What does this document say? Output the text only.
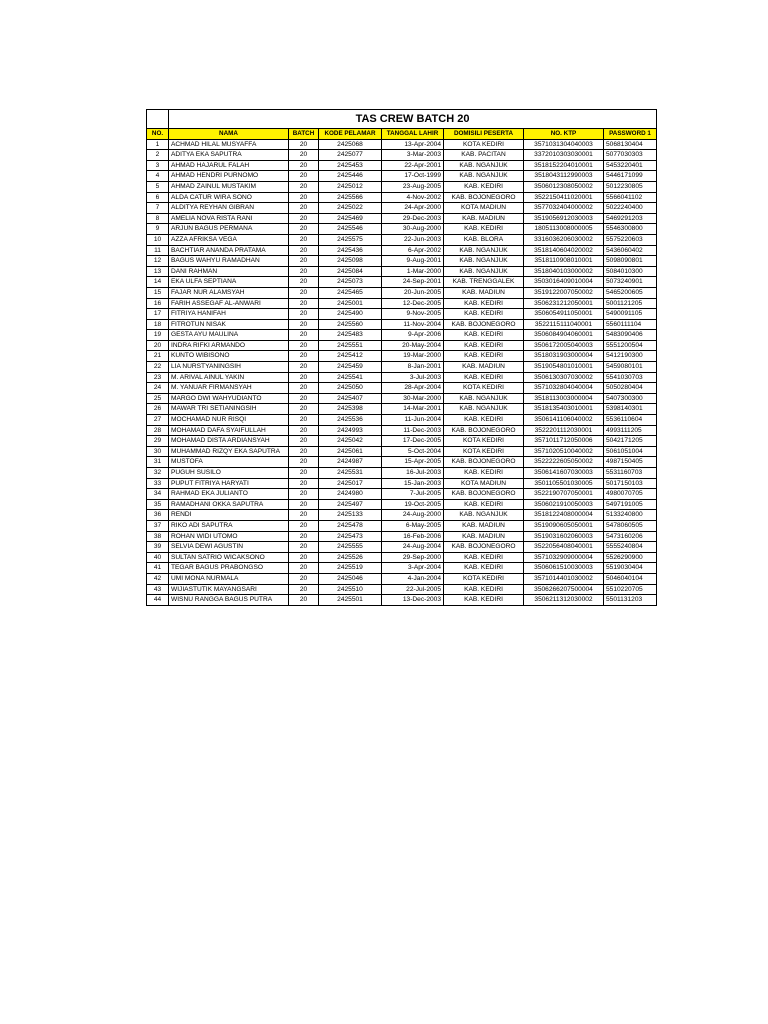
	TAS CREW BATCH 20						
NO.	NAMA	BATCH	KODE PELAMAR	TANGGAL LAHIR	DOMISILI PESERTA	NO. KTP	PASSWORD 1
1	ACHMAD HILAL MUSYAFFA	20	2425068	13-Apr-2004	KOTA KEDIRI	3571031304040003	5068130404
2	ADITYA EKA SAPUTRA	20	2425077	3-Mar-2003	KAB. PACITAN	3372010303030001	5077030303
3	AHMAD HAJARUL FALAH	20	2425453	22-Apr-2001	KAB. NGANJUK	3518152204010001	5453220401
4	AHMAD HENDRI PURNOMO	20	2425446	17-Oct-1999	KAB. NGANJUK	3518043112990003	5446171099
5	AHMAD ZAINUL MUSTAKIM	20	2425012	23-Aug-2005	KAB. KEDIRI	3506012308050002	5012230805
6	ALDA CATUR WIRA SONO	20	2425566	4-Nov-2002	KAB. BOJONEGORO	3522150411020001	5566041102
7	ALDITYA REYHAN GIBRAN	20	2425022	24-Apr-2000	KOTA MADIUN	3577032404000002	5022240400
8	AMELIA NOVA RISTA RANI	20	2425469	29-Dec-2003	KAB. MADIUN	3519056912030003	5469291203
9	ARJUN BAGUS PERMANA	20	2425546	30-Aug-2000	KAB. KEDIRI	1805113008000005	5546300800
10	AZZA AFRIKSA VEGA	20	2425575	22-Jun-2003	KAB. BLORA	3316036206030002	5575220603
11	BACHTIAR ANANDA PRATAMA	20	2425436	6-Apr-2002	KAB. NGANJUK	3518140604020002	5436060402
12	BAGUS WAHYU RAMADHAN	20	2425098	9-Aug-2001	KAB. NGANJUK	3518110908010001	5098090801
13	DANI RAHMAN	20	2425084	1-Mar-2000	KAB. NGANJUK	3518040103000002	5084010300
14	EKA ULFA SEPTIANA	20	2425073	24-Sep-2001	KAB. TRENGGALEK	3503016409010004	5073240901
15	FAJAR NUR ALAMSYAH	20	2425465	20-Jun-2005	KAB. MADIUN	3519122007050002	5465200605
16	FARIH ASSEGAF AL-ANWARI	20	2425001	12-Dec-2005	KAB. KEDIRI	3506231212050001	5001121205
17	FITRIYA HANIFAH	20	2425490	9-Nov-2005	KAB. KEDIRI	3506054911050001	5490091105
18	FITROTUN NISAK	20	2425560	11-Nov-2004	KAB. BOJONEGORO	3522115111040001	5560111104
19	GESTA AYU MAULINA	20	2425483	9-Apr-2006	KAB. KEDIRI	3506084904060001	5483090406
20	INDRA RIFKI ARMANDO	20	2425551	20-May-2004	KAB. KEDIRI	3506172005040003	5551200504
21	KUNTO WIBISONO	20	2425412	19-Mar-2000	KAB. KEDIRI	3518031903000004	5412190300
22	LIA NURSTYANINGSIH	20	2425459	8-Jan-2001	KAB. MADIUN	3519054801010001	5459080101
23	M. ARIVAL AINUL YAKIN	20	2425541	3-Jul-2003	KAB. KEDIRI	3506130307030002	5541030703
24	M. YANUAR FIRMANSYAH	20	2425050	28-Apr-2004	KOTA KEDIRI	3571032804040004	5050280404
25	MARGO DWI WAHYUDIANTO	20	2425407	30-Mar-2000	KAB. NGANJUK	3518113003000004	5407300300
26	MAWAR TRI SETIANINGSIH	20	2425398	14-Mar-2001	KAB. NGANJUK	3518135403010001	5398140301
27	MOCHAMAD NUR RISQI	20	2425536	11-Jun-2004	KAB. KEDIRI	3506141106040002	5536110604
28	MOHAMAD DAFA SYAIFULLAH	20	2424993	11-Dec-2003	KAB. BOJONEGORO	3522201112030001	4993111205
29	MOHAMAD DISTA ARDIANSYAH	20	2425042	17-Dec-2005	KOTA KEDIRI	3571011712050006	5042171205
30	MUHAMMAD RIZQY EKA SAPUTRA	20	2425061	5-Oct-2004	KOTA KEDIRI	3571020510040002	5061051004
31	MUSTOFA	20	2424987	15-Apr-2005	KAB. BOJONEGORO	3522222605050002	4987150405
32	PUGUH SUSILO	20	2425531	16-Jul-2003	KAB. KEDIRI	3506141607030003	5531160703
33	PUPUT FITRIYA HARYATI	20	2425017	15-Jan-2003	KOTA MADIUN	3501105501030005	5017150103
34	RAHMAD EKA JULIANTO	20	2424980	7-Jul-2005	KAB. BOJONEGORO	3522190707050001	4980070705
35	RAMADHANI OKKA SAPUTRA	20	2425497	19-Oct-2005	KAB. KEDIRI	3506021910050003	5497191005
36	RENDI	20	2425133	24-Aug-2000	KAB. NGANJUK	3518122408000004	5133240800
37	RIKO ADI SAPUTRA	20	2425478	6-May-2005	KAB. MADIUN	3519090605050001	5478060505
38	ROHAN WIDI UTOMO	20	2425473	16-Feb-2006	KAB. MADIUN	3519031602060003	5473160206
39	SELVIA DEWI AGUSTIN	20	2425555	24-Aug-2004	KAB. BOJONEGORO	3522056408040001	5555240804
40	SULTAN SATRIO WICAKSONO	20	2425526	29-Sep-2000	KAB. KEDIRI	3571032909000004	5526290900
41	TEGAR BAGUS PRABONGSO	20	2425519	3-Apr-2004	KAB. KEDIRI	3506061510030003	5519030404
42	UMI MONA NURMALA	20	2425046	4-Jan-2004	KOTA KEDIRI	3571014401030002	5046040104
43	WIJIASTUTIK MAYANGSARI	20	2425510	22-Jul-2005	KAB. KEDIRI	3506266207500004	5510220705
44	WISNU RANGGA BAGUS PUTRA	20	2425501	13-Dec-2003	KAB. KEDIRI	3506211312030002	5501131203
